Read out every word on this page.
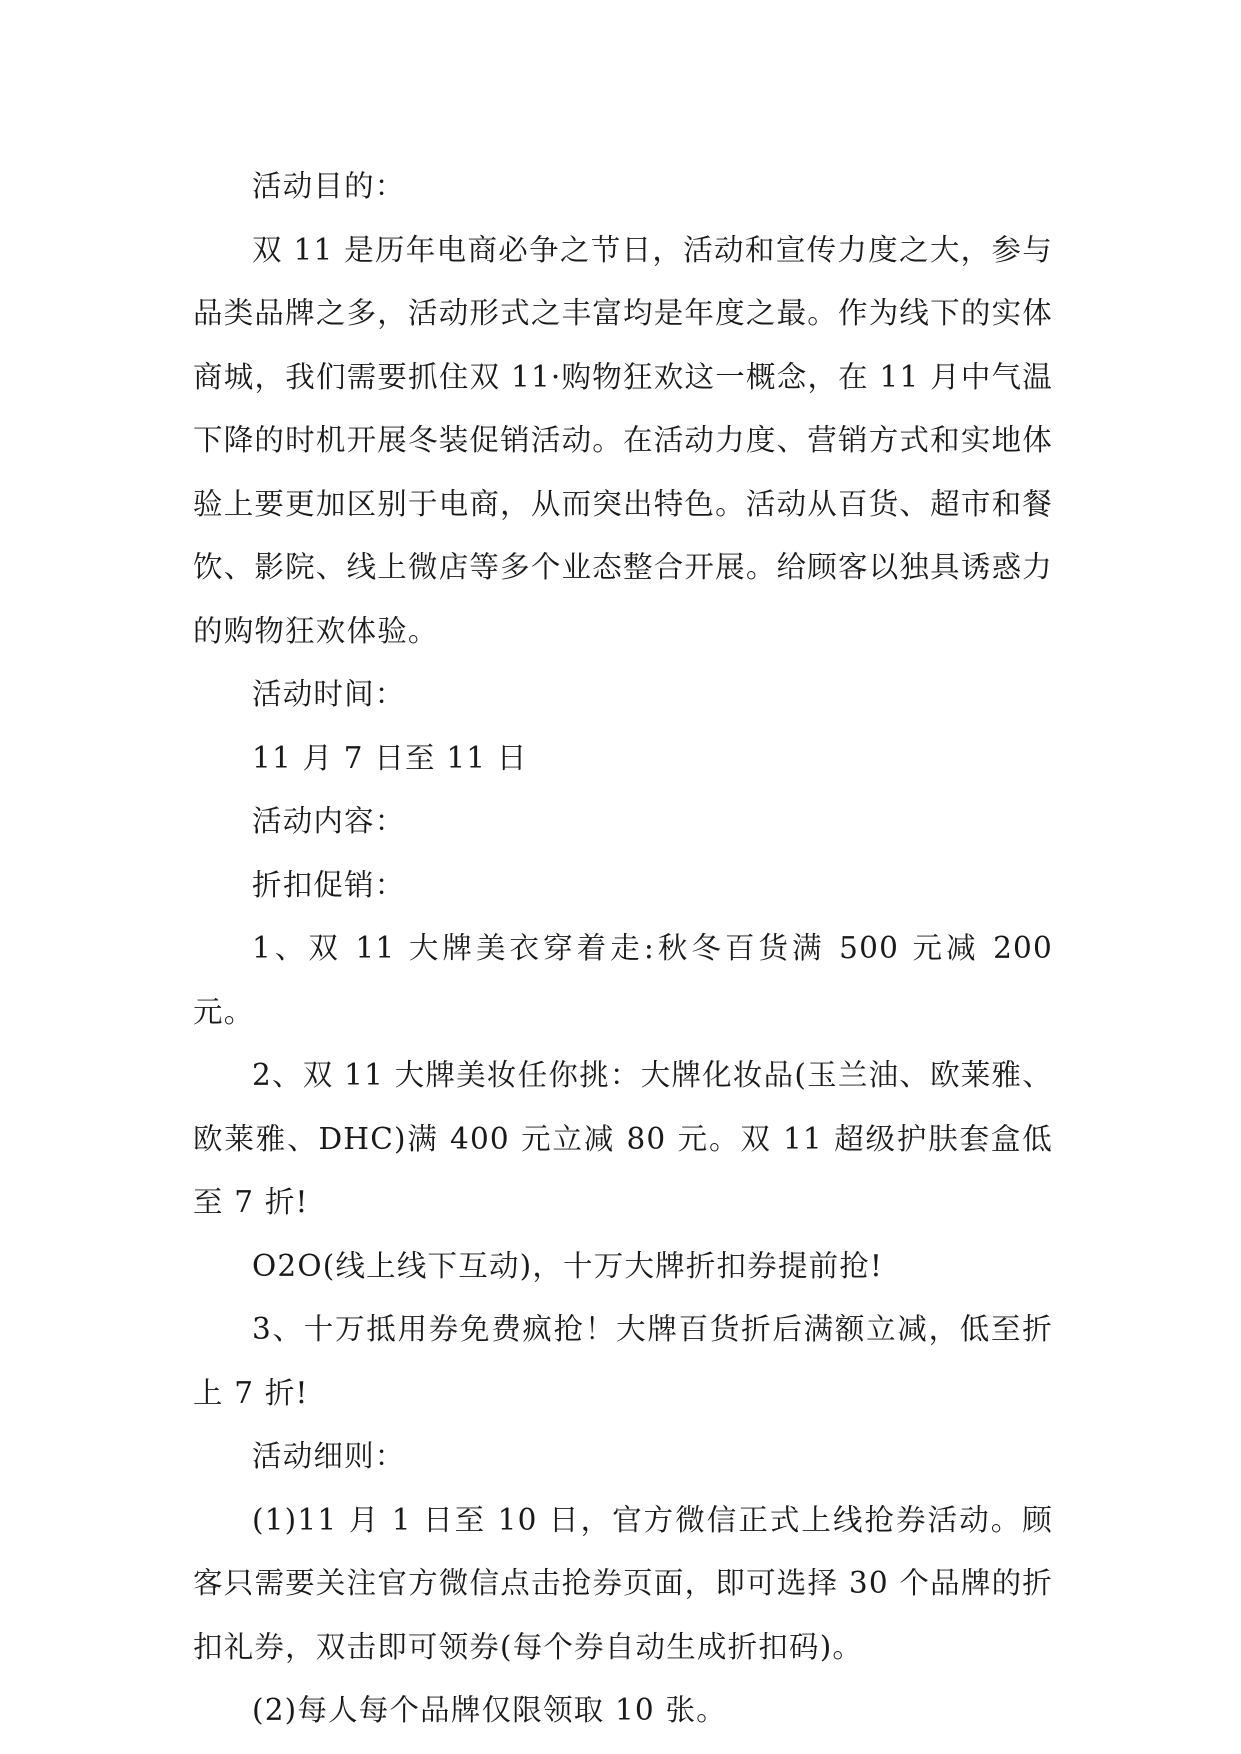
活动目的：

双 11 是历年电商必争之节日，活动和宣传力度之大，参与品类品牌之多，活动形式之丰富均是年度之最。作为线下的实体商城，我们需要抓住双 11·购物狂欢这一概念，在 11 月中气温下降的时机开展冬装促销活动。在活动力度、营销方式和实地体验上要更加区别于电商，从而突出特色。活动从百货、超市和餐饮、影院、线上微店等多个业态整合开展。给顾客以独具诱惑力的购物狂欢体验。

活动时间：

11 月 7 日至 11 日

活动内容：

折扣促销：

1、双 11 大牌美衣穿着走:秋冬百货满 500 元减 200 元。

2、双 11 大牌美妆任你挑：大牌化妆品(玉兰油、欧莱雅、欧莱雅、DHC)满 400 元立减 80 元。双 11 超级护肤套盒低至 7 折!

O2O(线上线下互动)，十万大牌折扣券提前抢!

3、十万抵用券免费疯抢！大牌百货折后满额立减，低至折上 7 折!

活动细则：

(1)11 月 1 日至 10 日，官方微信正式上线抢券活动。顾客只需要关注官方微信点击抢券页面，即可选择 30 个品牌的折扣礼券，双击即可领券(每个券自动生成折扣码)。

(2)每人每个品牌仅限领取 10 张。
